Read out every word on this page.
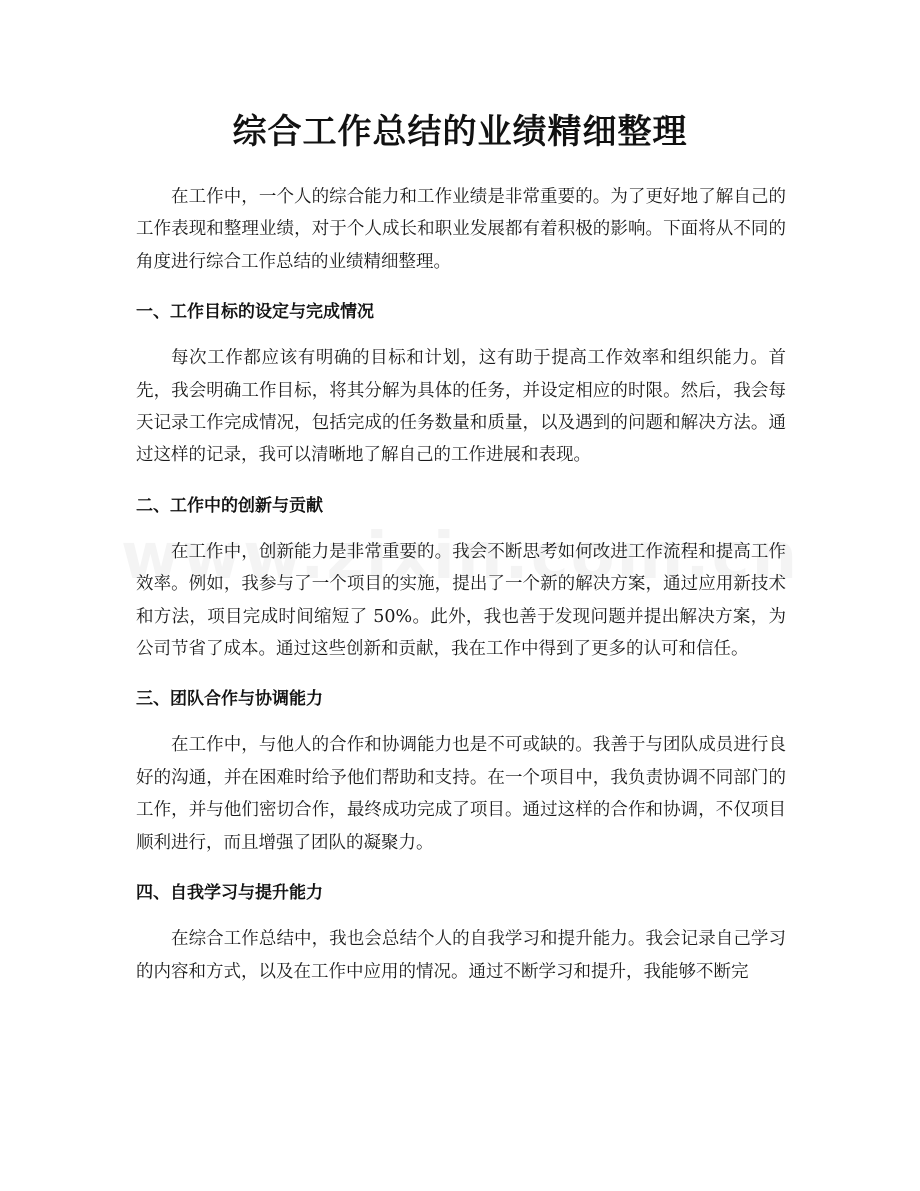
综合工作总结的业绩精细整理

在工作中，一个人的综合能力和工作业绩是非常重要的。为了更好地了解自己的工作表现和整理业绩，对于个人成长和职业发展都有着积极的影响。下面将从不同的角度进行综合工作总结的业绩精细整理。

一、工作目标的设定与完成情况

每次工作都应该有明确的目标和计划，这有助于提高工作效率和组织能力。首先，我会明确工作目标，将其分解为具体的任务，并设定相应的时限。然后，我会每天记录工作完成情况，包括完成的任务数量和质量，以及遇到的问题和解决方法。通过这样的记录，我可以清晰地了解自己的工作进展和表现。

二、工作中的创新与贡献

在工作中，创新能力是非常重要的。我会不断思考如何改进工作流程和提高工作效率。例如，我参与了一个项目的实施，提出了一个新的解决方案，通过应用新技术和方法，项目完成时间缩短了 50%。此外，我也善于发现问题并提出解决方案，为公司节省了成本。通过这些创新和贡献，我在工作中得到了更多的认可和信任。

三、团队合作与协调能力

在工作中，与他人的合作和协调能力也是不可或缺的。我善于与团队成员进行良好的沟通，并在困难时给予他们帮助和支持。在一个项目中，我负责协调不同部门的工作，并与他们密切合作，最终成功完成了项目。通过这样的合作和协调，不仅项目顺利进行，而且增强了团队的凝聚力。

四、自我学习与提升能力

在综合工作总结中，我也会总结个人的自我学习和提升能力。我会记录自己学习的内容和方式，以及在工作中应用的情况。通过不断学习和提升，我能够不断完
